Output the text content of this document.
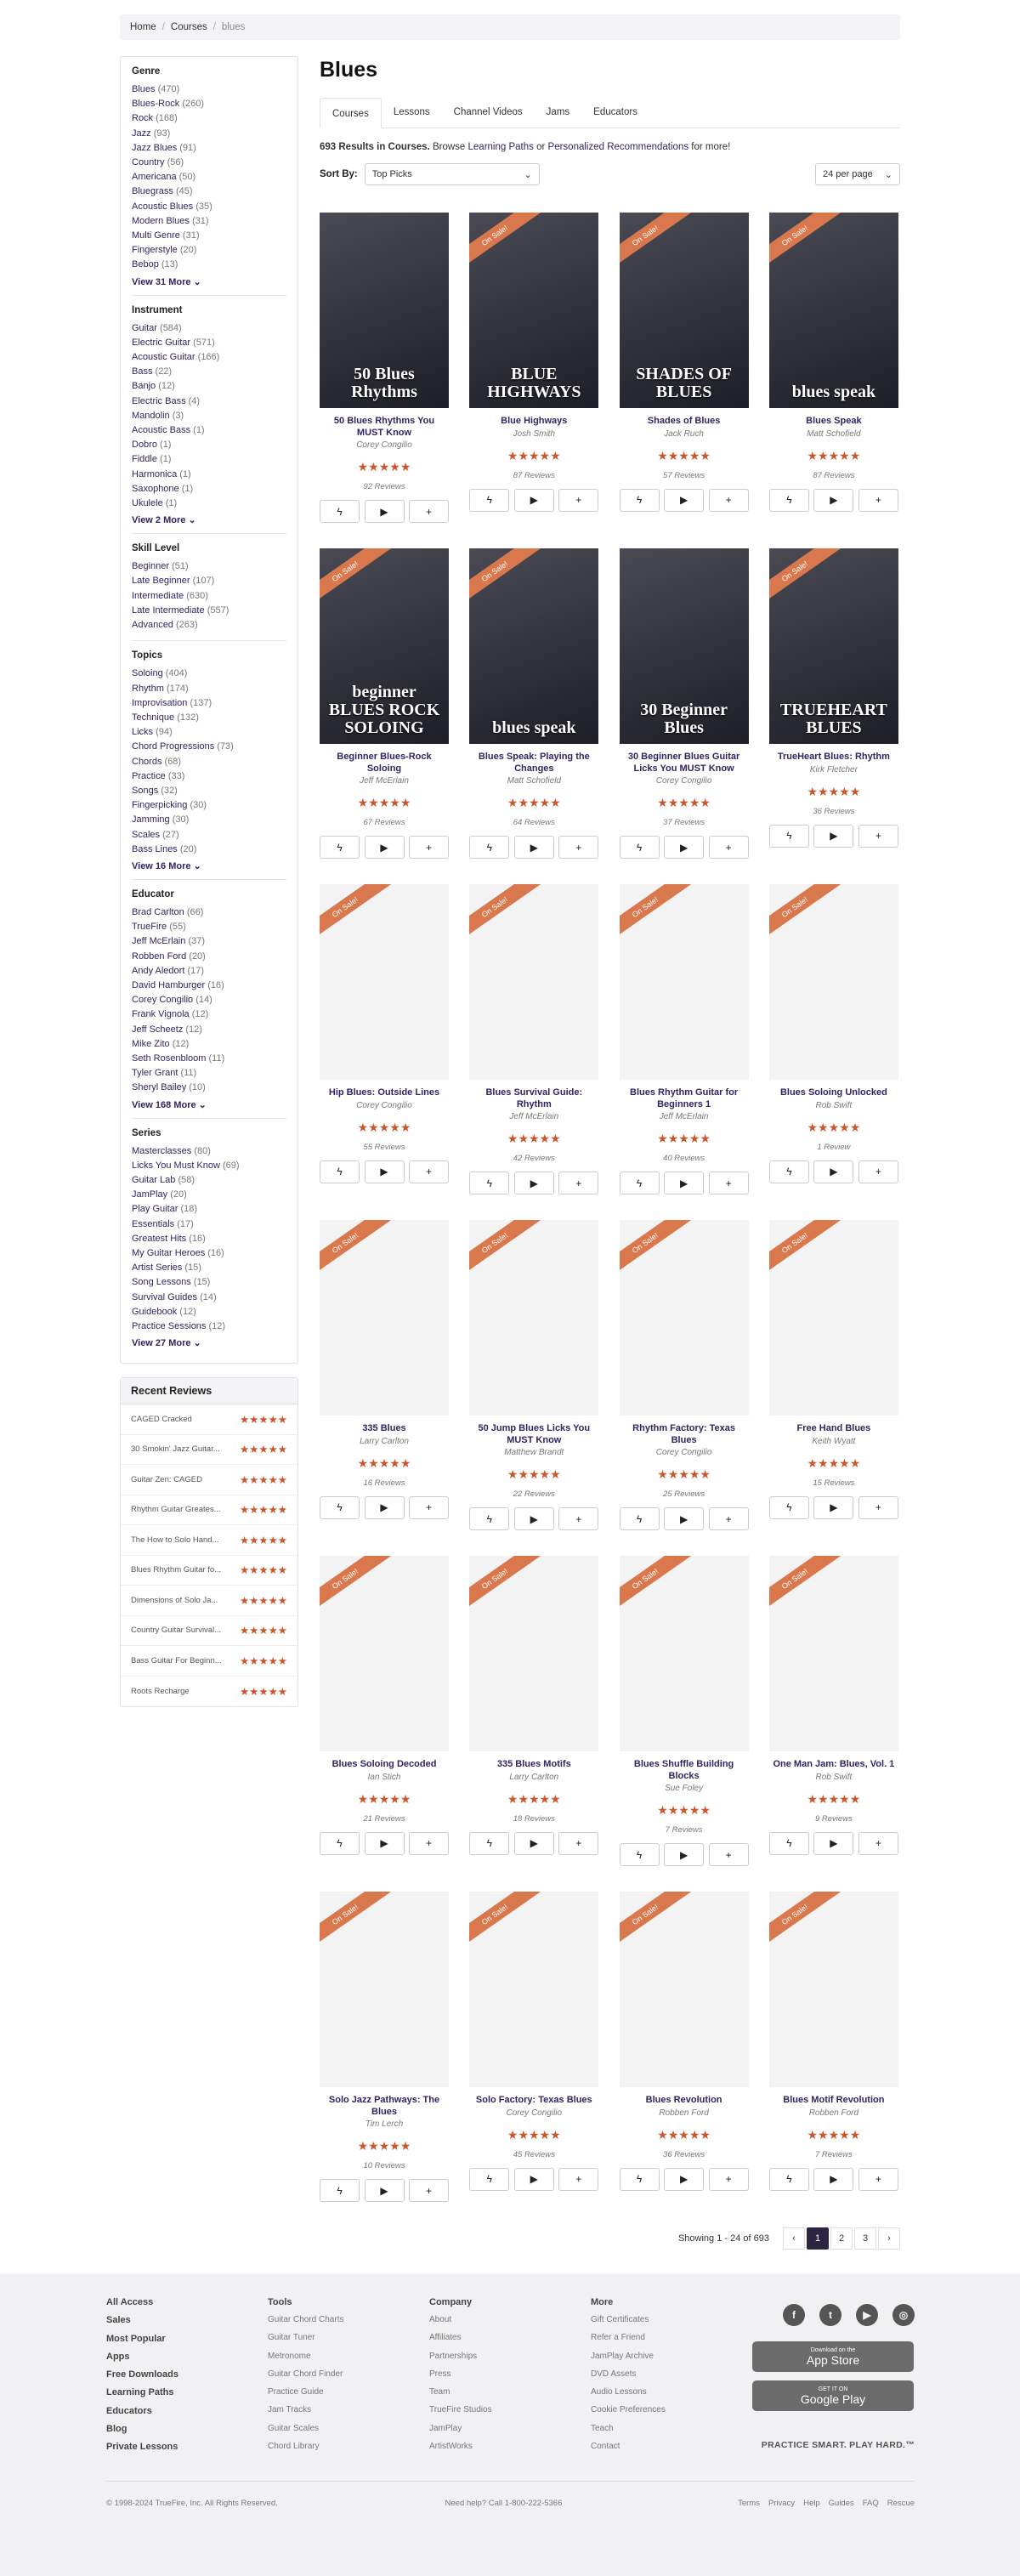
Home / Courses / blues
Genre
Blues (470)
Blues-Rock (260)
Rock (168)
Jazz (93)
Jazz Blues (91)
Country (56)
Americana (50)
Bluegrass (45)
Acoustic Blues (35)
Modern Blues (31)
Multi Genre (31)
Fingerstyle (20)
Bebop (13)
View 31 More ⌄
Instrument
Guitar (584)
Electric Guitar (571)
Acoustic Guitar (166)
Bass (22)
Banjo (12)
Electric Bass (4)
Mandolin (3)
Acoustic Bass (1)
Dobro (1)
Fiddle (1)
Harmonica (1)
Saxophone (1)
Ukulele (1)
View 2 More ⌄
Skill Level
Beginner (51)
Late Beginner (107)
Intermediate (630)
Late Intermediate (557)
Advanced (263)
Topics
Soloing (404)
Rhythm (174)
Improvisation (137)
Technique (132)
Licks (94)
Chord Progressions (73)
Chords (68)
Practice (33)
Songs (32)
Fingerpicking (30)
Jamming (30)
Scales (27)
Bass Lines (20)
View 16 More ⌄
Educator
Brad Carlton (66)
TrueFire (55)
Jeff McErlain (37)
Robben Ford (20)
Andy Aledort (17)
David Hamburger (16)
Corey Congilio (14)
Frank Vignola (12)
Jeff Scheetz (12)
Mike Zito (12)
Seth Rosenbloom (11)
Tyler Grant (11)
Sheryl Bailey (10)
View 168 More ⌄
Series
Masterclasses (80)
Licks You Must Know (69)
Guitar Lab (58)
JamPlay (20)
Play Guitar (18)
Essentials (17)
Greatest Hits (16)
My Guitar Heroes (16)
Artist Series (15)
Song Lessons (15)
Survival Guides (14)
Guidebook (12)
Practice Sessions (12)
View 27 More ⌄
Recent Reviews
CAGED Cracked	★★★★★
30 Smokin' Jazz Guitar...	★★★★★
Guitar Zen: CAGED	★★★★★
Rhythm Guitar Greates...	★★★★★
The How to Solo Hand...	★★★★★
Blues Rhythm Guitar fo...	★★★★★
Dimensions of Solo Ja...	★★★★★
Country Guitar Survival...	★★★★★
Bass Guitar For Beginn... ★★★★★
Roots Recharge	★★★★★
Blues
Courses	Lessons	Channel Videos	Jams	Educators
693 Results in Courses. Browse Learning Paths or Personalized Recommendations for more!
Sort By: Top Picks	⌄	24 per page ⌄
50 Blues Rhythms
50 Blues Rhythms You MUST Know
Corey Congilio
★★★★★
92 Reviews
ϟ	▶	+
BLUE HIGHWAYS
On Sale!
Blue Highways
Josh Smith
★★★★★
87 Reviews
ϟ	▶	+
SHADES OF BLUES
On Sale!
Shades of Blues
Jack Ruch
★★★★★
57 Reviews
ϟ	▶	+
blues speak
On Sale!
Blues Speak
Matt Schofield
★★★★★
87 Reviews
ϟ	▶	+
beginner BLUES ROCK SOLOING
On Sale!
Beginner Blues-Rock Soloing
Jeff McErlain
★★★★★
67 Reviews
ϟ	▶	+
blues speak
On Sale!
Blues Speak: Playing the Changes
Matt Schofield
★★★★★
64 Reviews
ϟ	▶	+
30 Beginner Blues
30 Beginner Blues Guitar Licks You MUST Know
Corey Congilio
★★★★★
37 Reviews
ϟ	▶	+
TRUEHEART BLUES
On Sale!
TrueHeart Blues: Rhythm
Kirk Fletcher
★★★★★
36 Reviews
ϟ	▶	+
On Sale!
Hip Blues: Outside Lines
Corey Congilio
★★★★★
55 Reviews
ϟ	▶	+
On Sale!
Blues Survival Guide: Rhythm
Jeff McErlain
★★★★★
42 Reviews
ϟ	▶	+
On Sale!
Blues Rhythm Guitar for Beginners 1
Jeff McErlain
★★★★★
40 Reviews
ϟ	▶	+
On Sale!
Blues Soloing Unlocked
Rob Swift
★★★★★
1 Review
ϟ	▶	+
On Sale!
335 Blues
Larry Carlton
★★★★★
16 Reviews
ϟ	▶	+
On Sale!
50 Jump Blues Licks You MUST Know
Matthew Brandt
★★★★★
22 Reviews
ϟ	▶	+
On Sale!
Rhythm Factory: Texas Blues
Corey Congilio
★★★★★
25 Reviews
ϟ	▶	+
On Sale!
Free Hand Blues
Keith Wyatt
★★★★★
15 Reviews
ϟ	▶	+
On Sale!
Blues Soloing Decoded
Ian Stich
★★★★★
21 Reviews
ϟ	▶	+
On Sale!
335 Blues Motifs
Larry Carlton
★★★★★
18 Reviews
ϟ	▶	+
On Sale!
Blues Shuffle Building Blocks
Sue Foley
★★★★★
7 Reviews
ϟ	▶	+
On Sale!
One Man Jam: Blues, Vol. 1
Rob Swift
★★★★★
9 Reviews
ϟ	▶	+
On Sale!
Solo Jazz Pathways: The Blues
Tim Lerch
★★★★★
10 Reviews
ϟ	▶	+
On Sale!
Solo Factory: Texas Blues
Corey Congilio
★★★★★
45 Reviews
ϟ	▶	+
On Sale!
Blues Revolution
Robben Ford
★★★★★
36 Reviews
ϟ	▶	+
On Sale!
Blues Motif Revolution
Robben Ford
★★★★★
7 Reviews
ϟ	▶	+
Showing 1 - 24 of 693	‹	1	2	3	›
All Access
Sales
Most Popular
Apps
Free Downloads
Learning Paths
Educators
Blog
Private Lessons
Tools
Guitar Chord Charts
Guitar Tuner
Metronome
Guitar Chord Finder
Practice Guide
Jam Tracks
Guitar Scales
Chord Library
Company
About
Affiliates
Partnerships
Press
Team
TrueFire Studios
JamPlay
ArtistWorks
More
Gift Certificates
Refer a Friend
JamPlay Archive
DVD Assets
Audio Lessons
Cookie Preferences
Teach
Contact
f	t	▶	◎
Download on the
App Store
GET IT ON
Google Play
PRACTICE SMART. PLAY HARD.™
© 1998-2024 TrueFire, Inc. All Rights Reserved.	Need help? Call 1-800-222-5366	Terms Privacy Help Guides FAQ Rescue
